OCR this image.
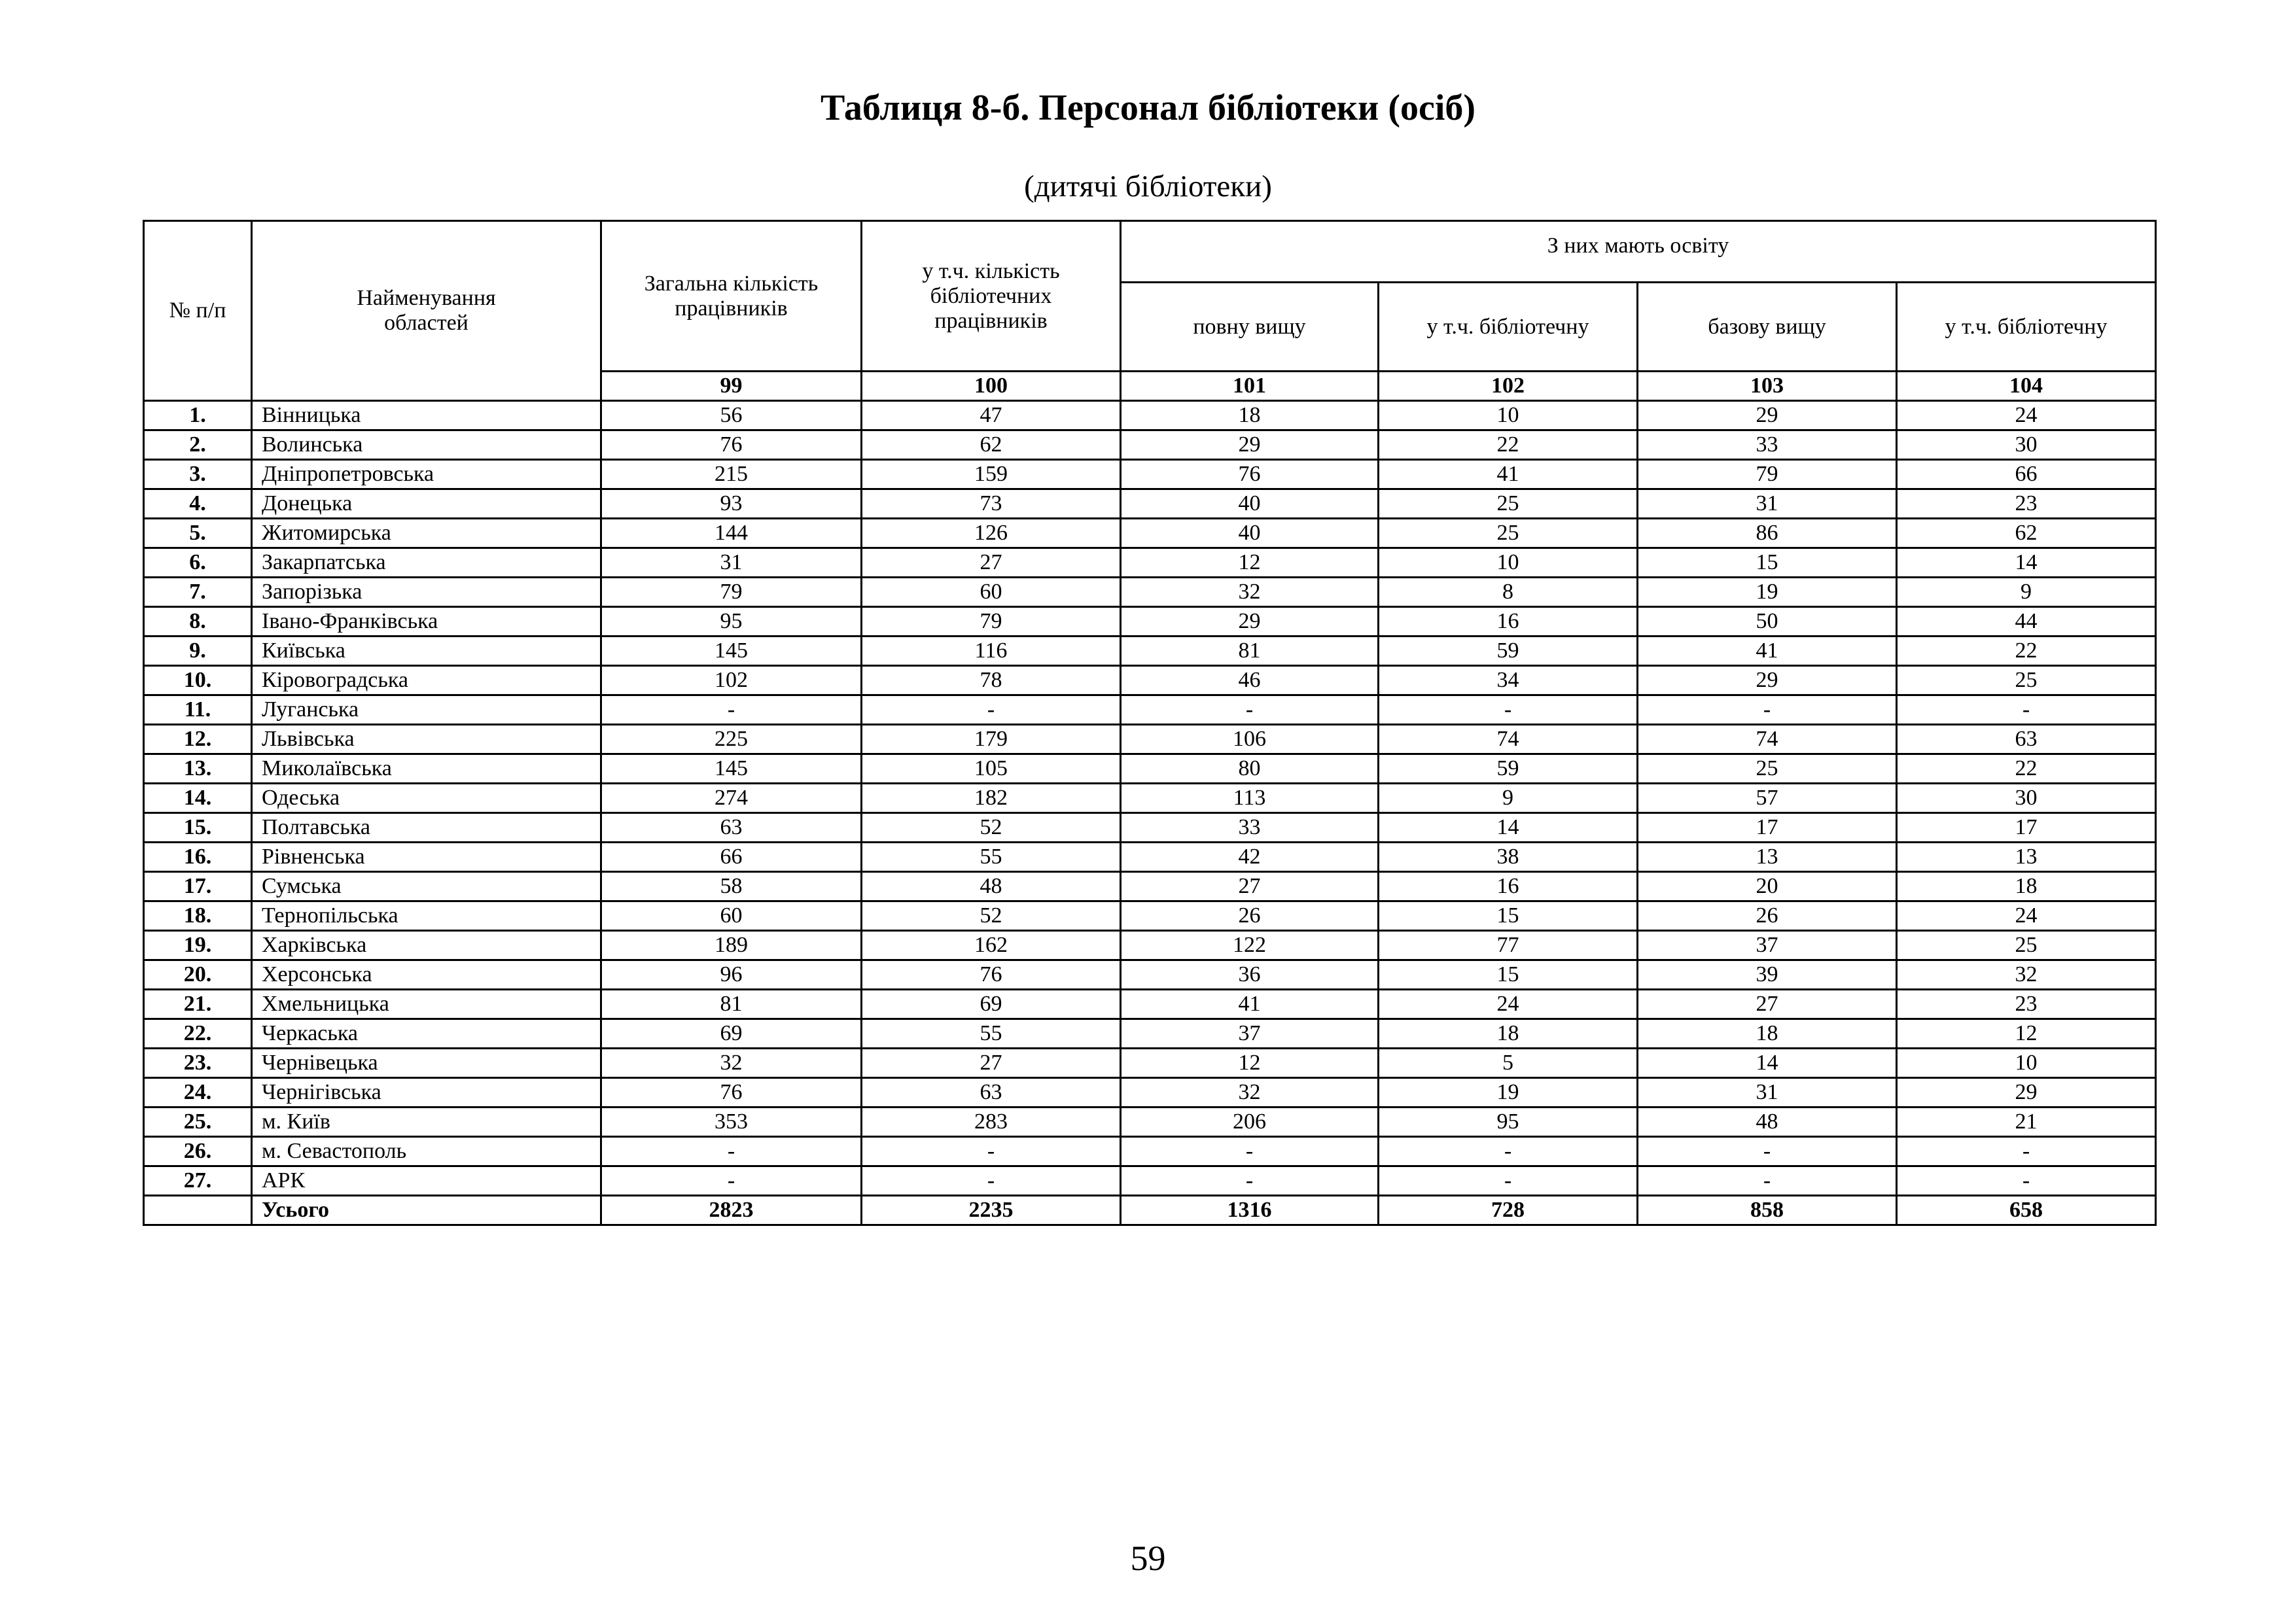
Таблиця 8-б. Персонал бібліотеки (осіб)
(дитячі бібліотеки)
№ п/п	Найменування областей	Загальна кількість працівників	у т.ч. кількість бібліотечних працівників	З них мають освіту			
				повну вищу	у т.ч. бібліотечну	базову вищу	у т.ч. бібліотечну
		99	100	101	102	103	104
1.	Вінницька	56	47	18	10	29	24
2.	Волинська	76	62	29	22	33	30
3.	Дніпропетровська	215	159	76	41	79	66
4.	Донецька	93	73	40	25	31	23
5.	Житомирська	144	126	40	25	86	62
6.	Закарпатська	31	27	12	10	15	14
7.	Запорізька	79	60	32	8	19	9
8.	Івано-Франківська	95	79	29	16	50	44
9.	Київська	145	116	81	59	41	22
10.	Кіровоградська	102	78	46	34	29	25
11.	Луганська	-	-	-	-	-	-
12.	Львівська	225	179	106	74	74	63
13.	Миколаївська	145	105	80	59	25	22
14.	Одеська	274	182	113	9	57	30
15.	Полтавська	63	52	33	14	17	17
16.	Рівненська	66	55	42	38	13	13
17.	Сумська	58	48	27	16	20	18
18.	Тернопільська	60	52	26	15	26	24
19.	Харківська	189	162	122	77	37	25
20.	Херсонська	96	76	36	15	39	32
21.	Хмельницька	81	69	41	24	27	23
22.	Черкаська	69	55	37	18	18	12
23.	Чернівецька	32	27	12	5	14	10
24.	Чернігівська	76	63	32	19	31	29
25.	м. Київ	353	283	206	95	48	21
26.	м. Севастополь	-	-	-	-	-	-
27.	АРК	-	-	-	-	-	-
	Усього	2823	2235	1316	728	858	658
59
